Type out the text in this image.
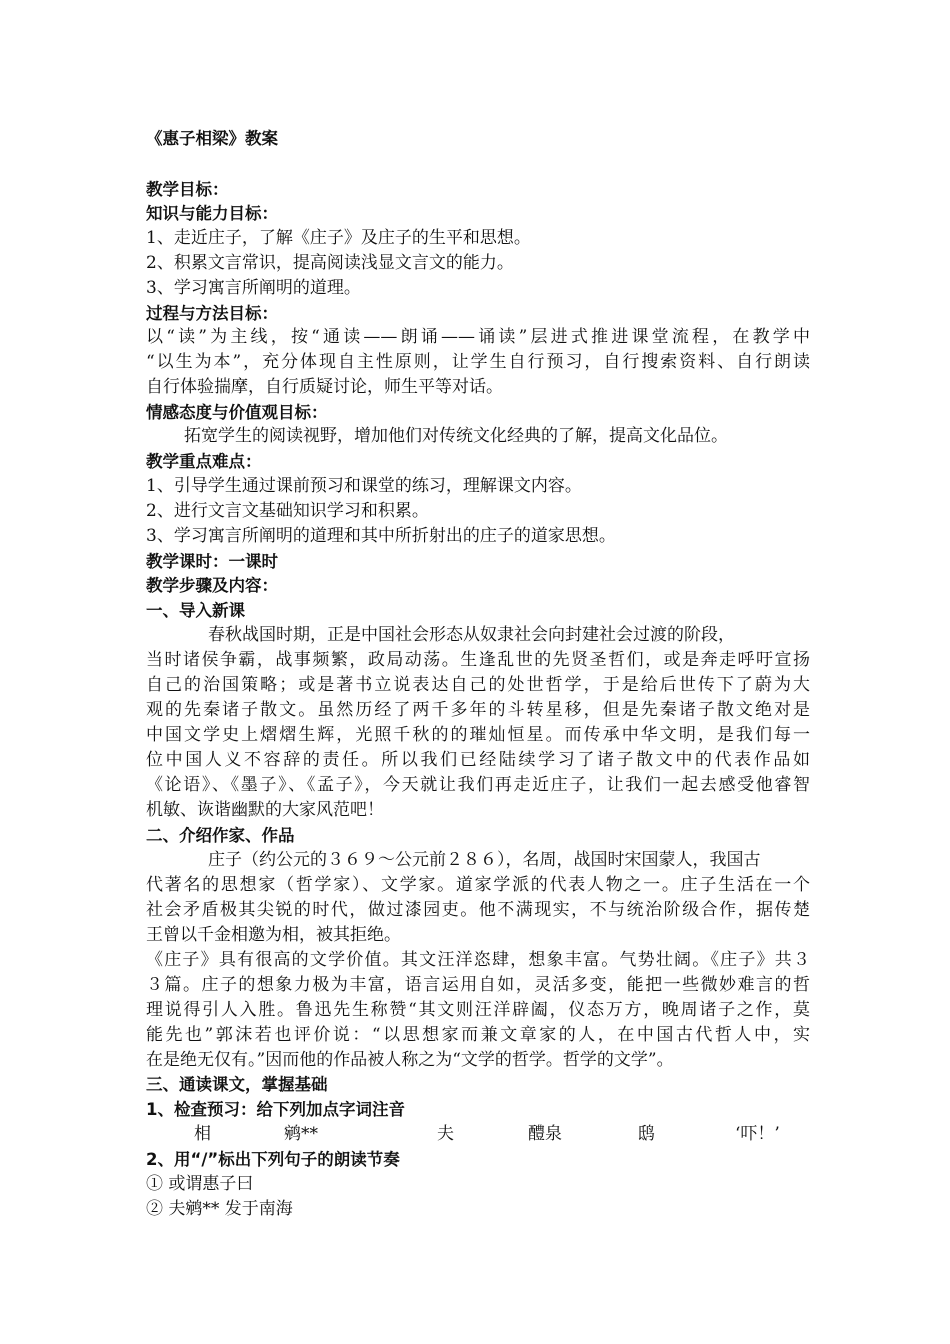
《惠子相梁》教案
教学目标：
知识与能力目标：
1、走近庄子，了解《庄子》及庄子的生平和思想。
2、积累文言常识，提高阅读浅显文言文的能力。
3、学习寓言所阐明的道理。
过程与方法目标：
以“读”为主线，按“通读——朗诵——诵读”层进式推进课堂流程，在教学中
“以生为本”，充分体现自主性原则，让学生自行预习，自行搜索资料、自行朗读
自行体验揣摩，自行质疑讨论，师生平等对话。
情感态度与价值观目标：
拓宽学生的阅读视野，增加他们对传统文化经典的了解，提高文化品位。
教学重点难点：
1、引导学生通过课前预习和课堂的练习，理解课文内容。
2、进行文言文基础知识学习和积累。
3、学习寓言所阐明的道理和其中所折射出的庄子的道家思想。
教学课时：一课时
教学步骤及内容：
一、导入新课
春秋战国时期，正是中国社会形态从奴隶社会向封建社会过渡的阶段，
当时诸侯争霸，战事频繁，政局动荡。生逢乱世的先贤圣哲们，或是奔走呼吁宣扬
自己的治国策略；或是著书立说表达自己的处世哲学，于是给后世传下了蔚为大
观的先秦诸子散文。虽然历经了两千多年的斗转星移，但是先秦诸子散文绝对是
中国文学史上熠熠生辉，光照千秋的的璀灿恒星。而传承中华文明，是我们每一
位中国人义不容辞的责任。所以我们已经陆续学习了诸子散文中的代表作品如
《论语》、《墨子》、《孟子》，今天就让我们再走近庄子，让我们一起去感受他睿智
机敏、诙谐幽默的大家风范吧！
二、介绍作家、作品
庄子（约公元的３６９～公元前２８６），名周，战国时宋国蒙人，我国古
代著名的思想家（哲学家）、文学家。道家学派的代表人物之一。庄子生活在一个
社会矛盾极其尖锐的时代，做过漆园吏。他不满现实，不与统治阶级合作，据传楚
王曾以千金相邀为相，被其拒绝。
《庄子》具有很高的文学价值。其文汪洋恣肆，想象丰富。气势壮阔。《庄子》共３
３篇。庄子的想象力极为丰富，语言运用自如，灵活多变，能把一些微妙难言的哲
理说得引人入胜。鲁迅先生称赞“其文则汪洋辟阖，仪态万方，晚周诸子之作，莫
能先也”郭沫若也评价说：“以思想家而兼文章家的人，在中国古代哲人中，实
在是绝无仅有。”因而他的作品被人称之为“文学的哲学。哲学的文学”。
三、通读课文，掌握基础
1、检查预习：给下列加点字词注音
相	鹓**	夫	醴泉	鸱	‘吓！’
2、用“/”标出下列句子的朗读节奏
① 或谓惠子曰
② 夫鹓** 发于南海
